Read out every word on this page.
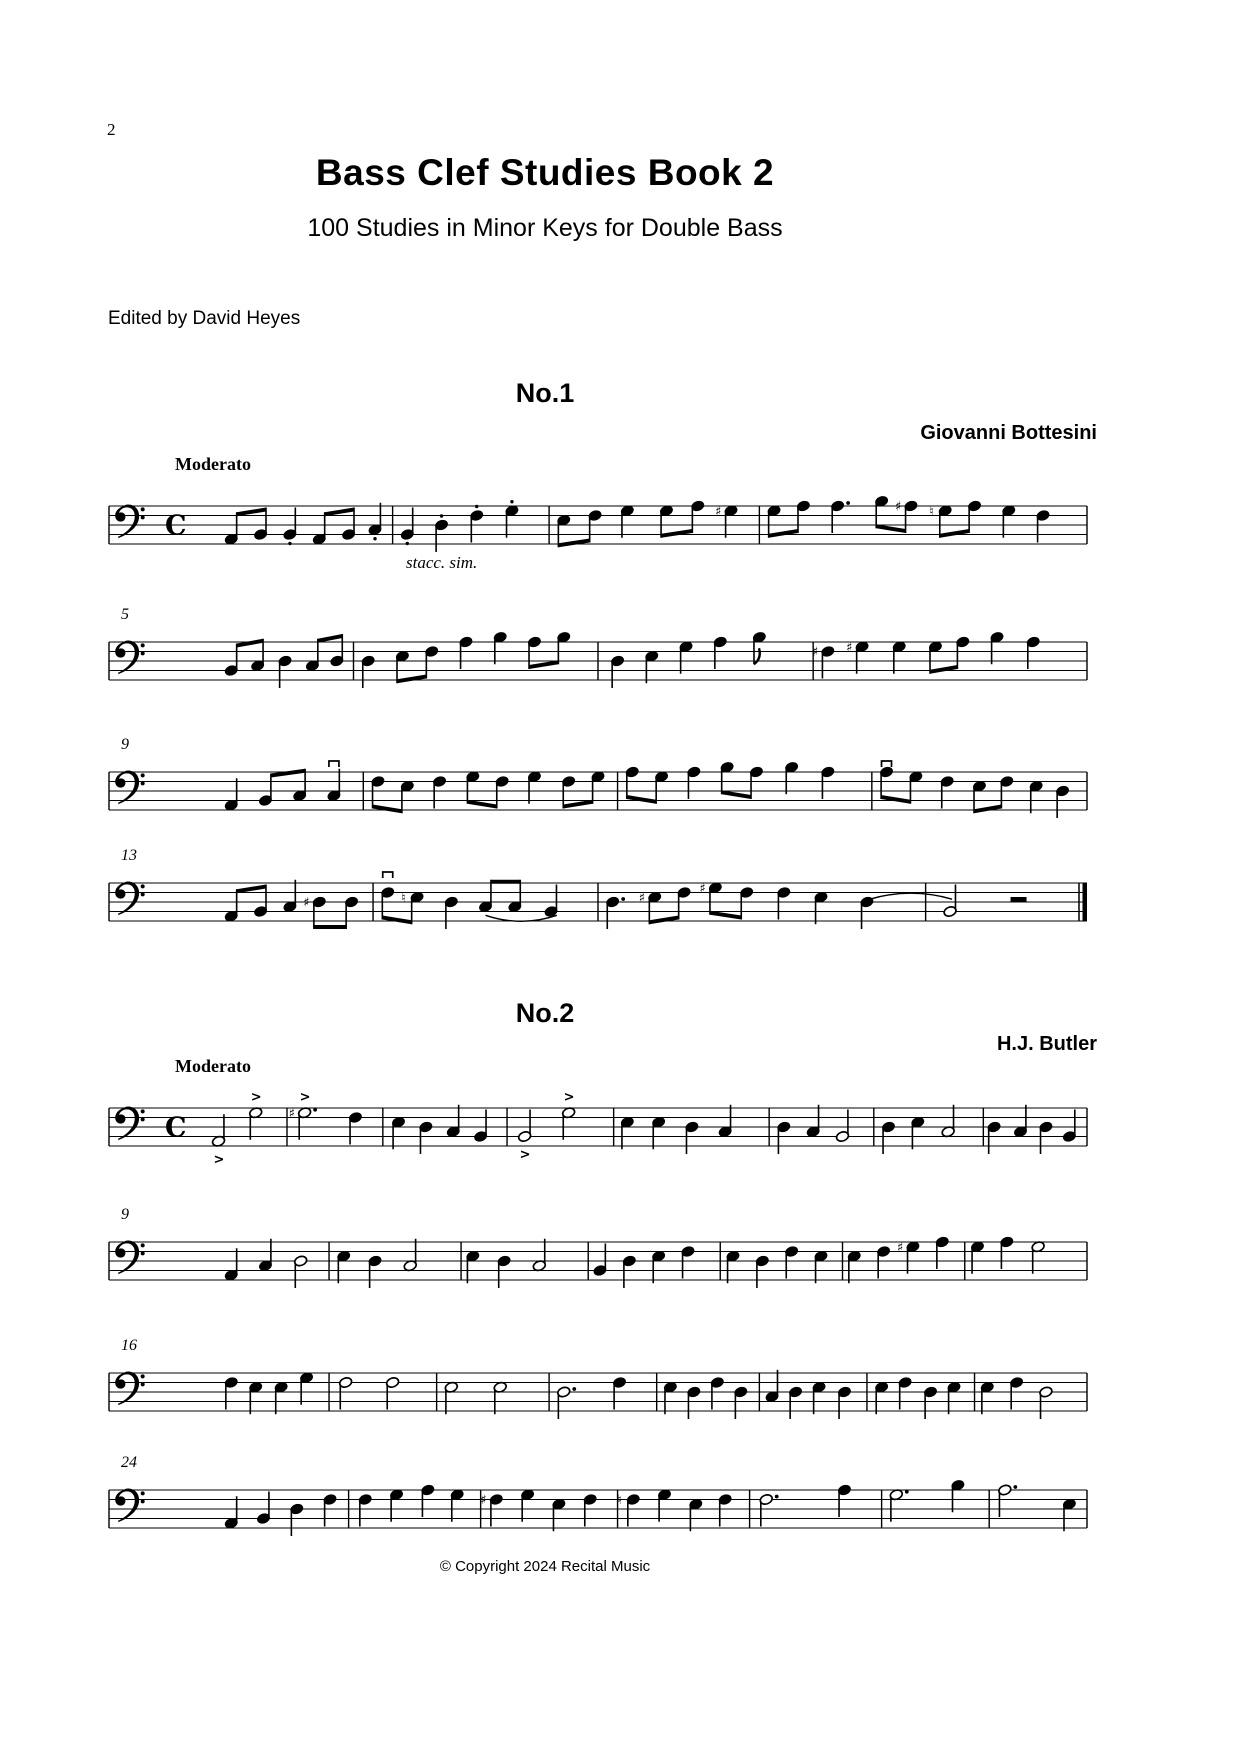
2
Bass Clef Studies Book 2
100 Studies in Minor Keys for Double Bass
Edited by David Heyes
No.1
Giovanni Bottesini
Moderato
C	♯	♯ ♮
5
♯ ♯
9
13
♯	♮	♯
♯
stacc. sim.
No.2
H.J. Butler
Moderato
C
>
>
♯
>
>
>
9
♯
16
24
♯	♮
© Copyright 2024 Recital Music
